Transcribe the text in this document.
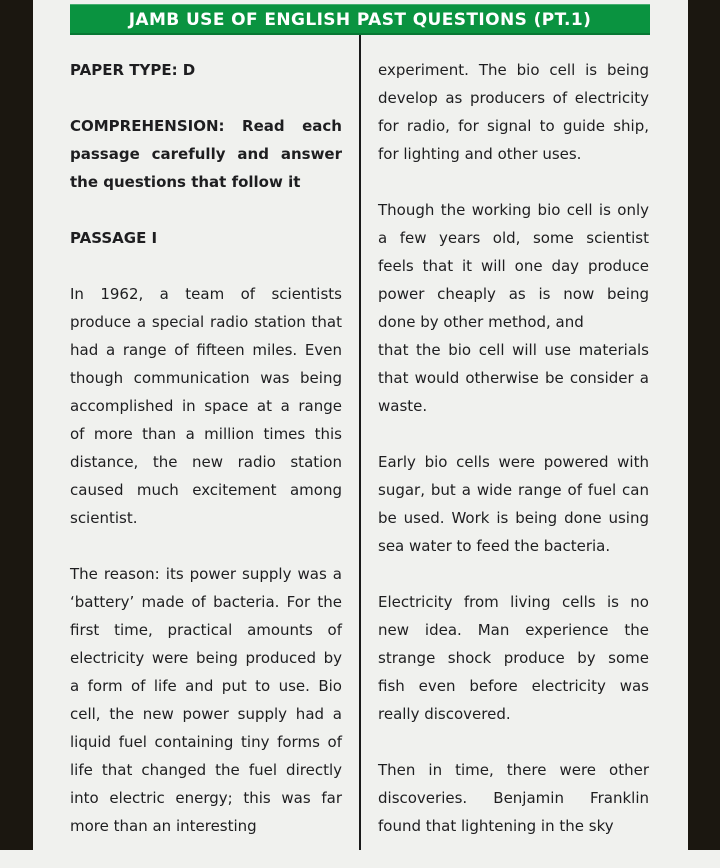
JAMB USE OF ENGLISH PAST QUESTIONS (PT.1)

PAPER TYPE: D

COMPREHENSION: Read each passage carefully and answer the questions that follow it

PASSAGE I

In 1962, a team of scientists produce a special radio station that had a range of fifteen miles. Even though communication was being accomplished in space at a range of more than a million times this distance, the new radio station caused much excitement among scientist.

The reason: its power supply was a ‘battery’ made of bacteria. For the first time, practical amounts of electricity were being produced by a form of life and put to use. Bio cell, the new power supply had a liquid fuel containing tiny forms of life that changed the fuel directly into electric energy; this was far more than an interesting

experiment. The bio cell is being develop as producers of electricity for radio, for signal to guide ship, for lighting and other uses.

Though the working bio cell is only a few years old, some scientist feels that it will one day produce power cheaply as is now being done by other method, and

that the bio cell will use materials that would otherwise be consider a waste.

Early bio cells were powered with sugar, but a wide range of fuel can be used. Work is being done using sea water to feed the bacteria.

Electricity from living cells is no new idea. Man experience the strange shock produce by some fish even before electricity was really discovered.

Then in time, there were other discoveries. Benjamin Franklin found that lightening in the sky
